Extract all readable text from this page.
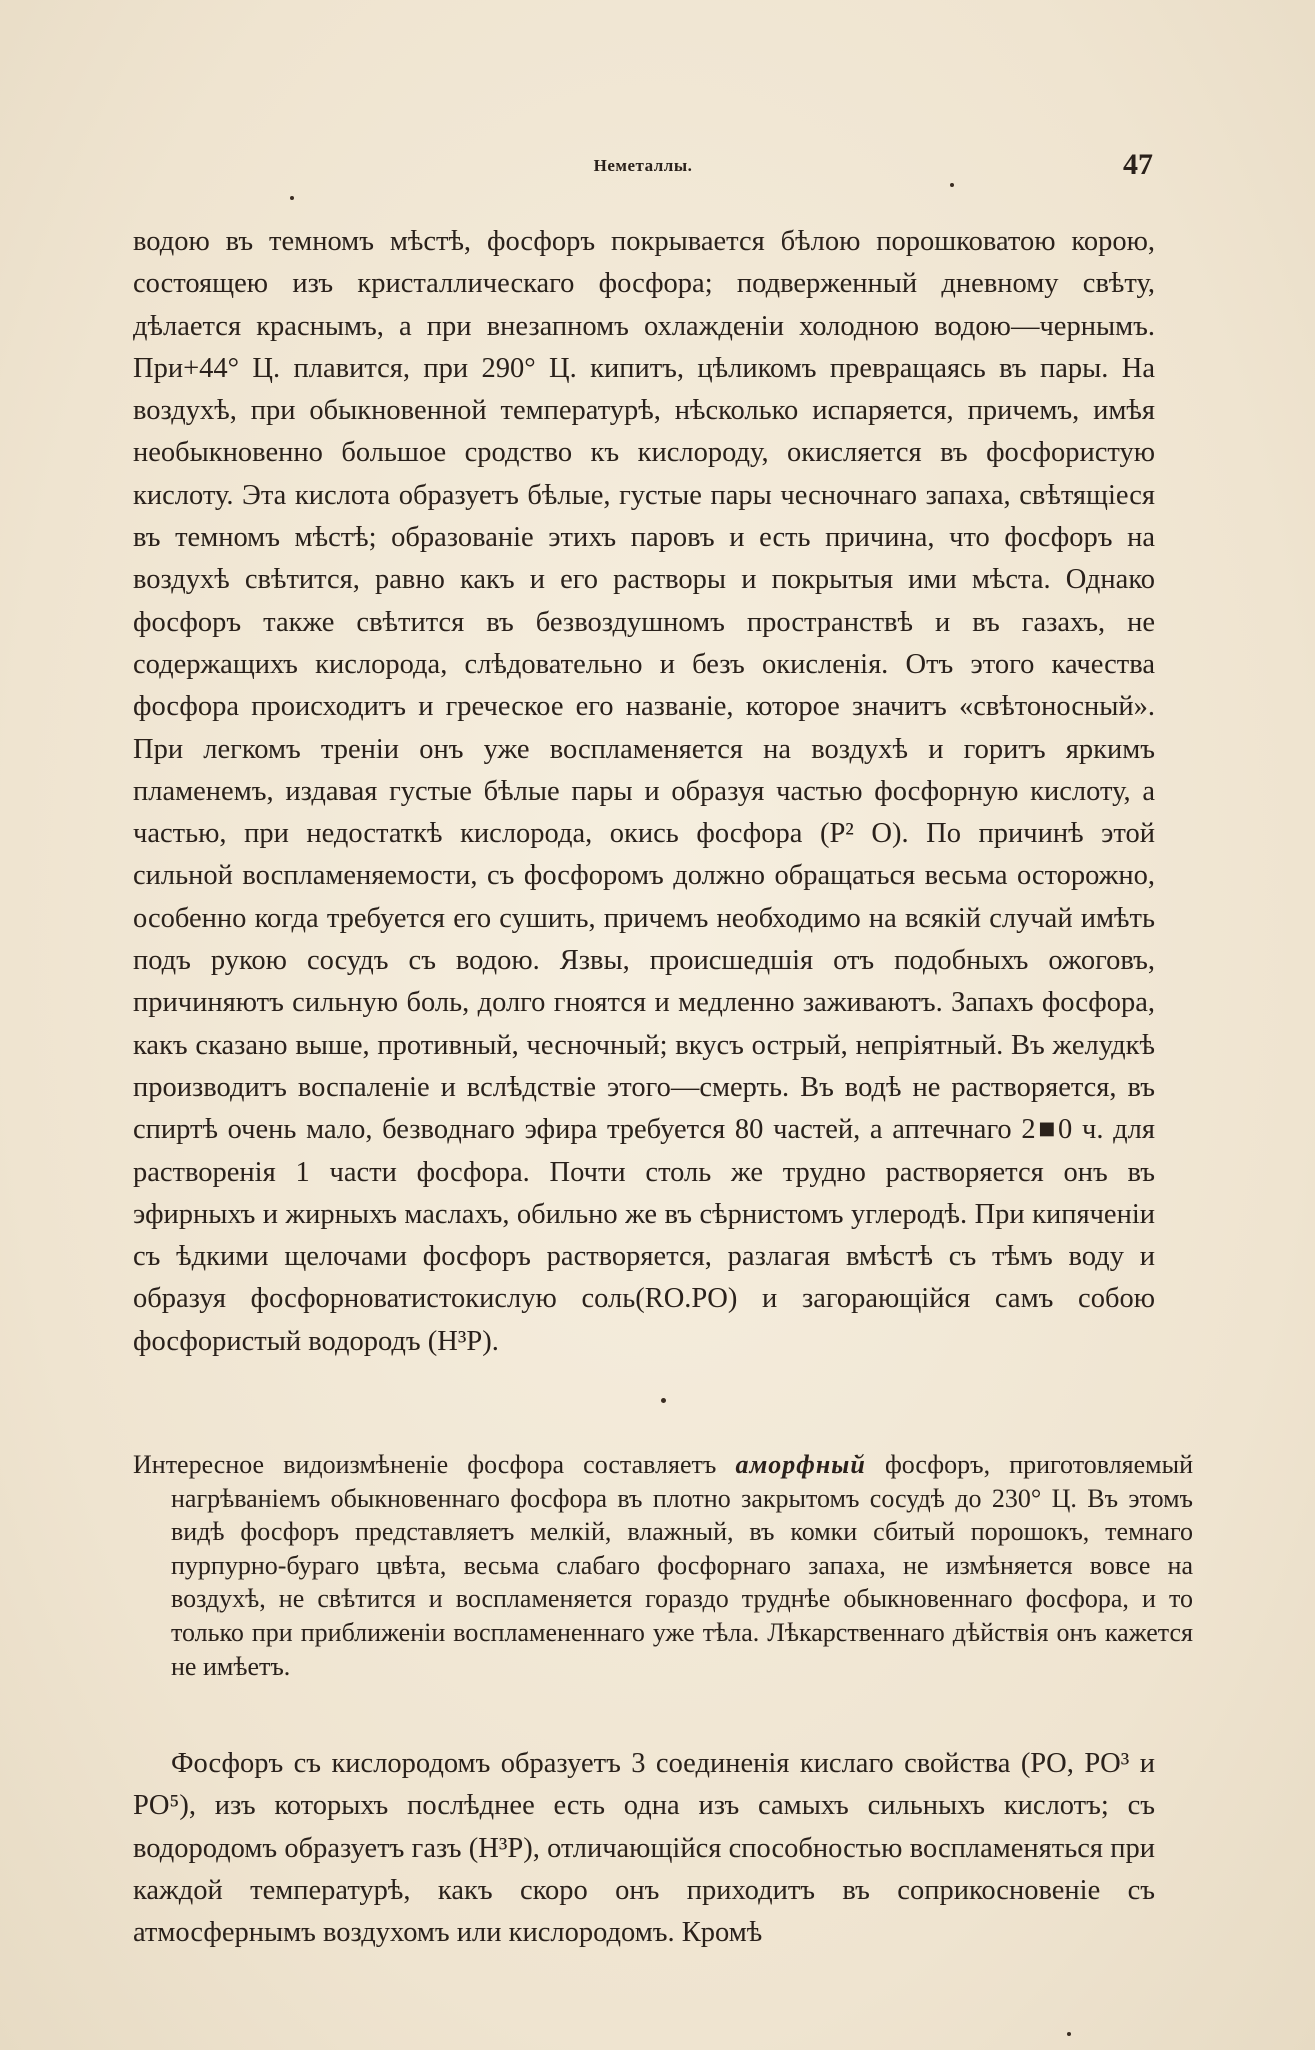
Неметаллы.	47

водою въ темномъ мѣстѣ, фосфоръ покрывается бѣлою порошковатою корою, состоящею изъ кристаллическаго фосфора; подверженный дневному свѣту, дѣлается краснымъ, а при внезапномъ охлажденіи холодною водою—чернымъ. При+44° Ц. плавится, при 290° Ц. кипитъ, цѣликомъ превращаясь въ пары. На воздухѣ, при обыкновенной температурѣ, нѣсколько испаряется, причемъ, имѣя необыкновенно большое сродство къ кислороду, окисляется въ фосфористую кислоту. Эта кислота образуетъ бѣлые, густые пары чесночнаго запаха, свѣтящіеся въ темномъ мѣстѣ; образованіе этихъ паровъ и есть причина, что фосфоръ на воздухѣ свѣтится, равно какъ и его растворы и покрытыя ими мѣста. Однако фосфоръ также свѣтится въ безвоздушномъ пространствѣ и въ газахъ, не содержащихъ кислорода, слѣдовательно и безъ окисленія. Отъ этого качества фосфора происходитъ и греческое его названіе, которое значитъ «свѣтоносный». При легкомъ треніи онъ уже воспламеняется на воздухѣ и горитъ яркимъ пламенемъ, издавая густые бѣлые пары и образуя частью фосфорную кислоту, а частью, при недостаткѣ кислорода, окись фосфора (P² O). По причинѣ этой сильной воспламеняемости, съ фосфоромъ должно обращаться весьма осторожно, особенно когда требуется его сушить, причемъ необходимо на всякій случай имѣть подъ рукою сосудъ съ водою. Язвы, происшедшія отъ подобныхъ ожоговъ, причиняютъ сильную боль, долго гноятся и медленно заживаютъ. Запахъ фосфора, какъ сказано выше, противный, чесночный; вкусъ острый, непріятный. Въ желудкѣ производитъ воспаленіе и вслѣдствіе этого—смерть. Въ водѣ не растворяется, въ спиртѣ очень мало, безводнаго эфира требуется 80 частей, а аптечнаго 2■0 ч. для растворенія 1 части фосфора. Почти столь же трудно растворяется онъ въ эфирныхъ и жирныхъ маслахъ, обильно же въ сѣрнистомъ углеродѣ. При кипяченіи съ ѣдкими щелочами фосфоръ растворяется, разлагая вмѣстѣ съ тѣмъ воду и образуя фосфорноватистокислую соль(RO.PO) и загорающійся самъ собою фосфористый водородъ (H³P).

Интересное видоизмѣненіе фосфора составляетъ аморфный фосфоръ, приготовляемый нагрѣваніемъ обыкновеннаго фосфора въ плотно закрытомъ сосудѣ до 230° Ц. Въ этомъ видѣ фосфоръ представляетъ мелкій, влажный, въ комки сбитый порошокъ, темнаго пурпурно-бураго цвѣта, весьма слабаго фосфорнаго запаха, не измѣняется вовсе на воздухѣ, не свѣтится и воспламеняется гораздо труднѣе обыкновеннаго фосфора, и то только при приближеніи воспламененнаго уже тѣла. Лѣкарственнаго дѣйствія онъ кажется не имѣетъ.
Фосфоръ съ кислородомъ образуетъ 3 соединенія кислаго свойства (PO, PO³ и PO⁵), изъ которыхъ послѣднее есть одна изъ самыхъ сильныхъ кислотъ; съ водородомъ образуетъ газъ (H³P), отличающійся способностью воспламеняться при каждой температурѣ, какъ скоро онъ приходитъ въ соприкосновеніе съ атмосфернымъ воздухомъ или кислородомъ. Кромѣ
